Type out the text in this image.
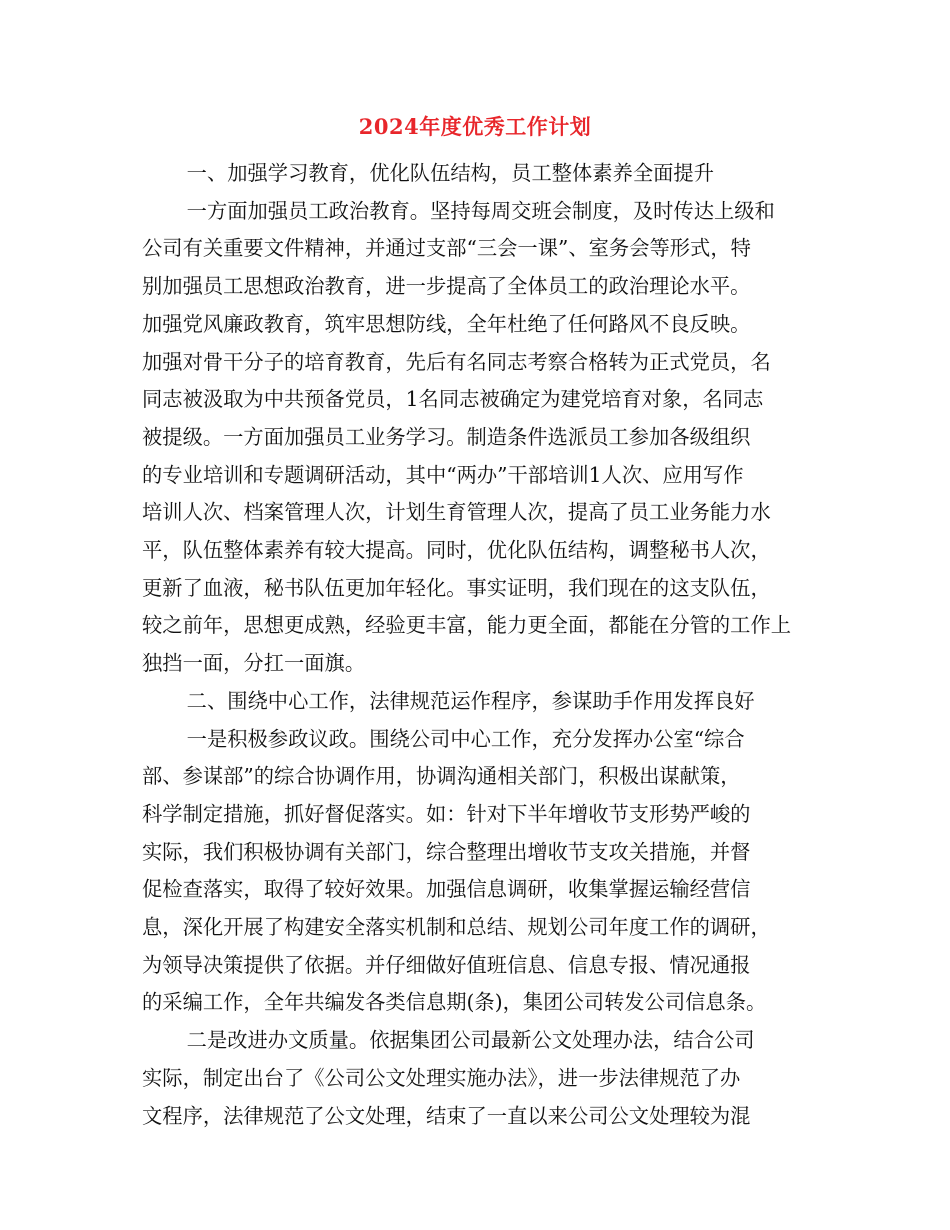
2024年度优秀工作计划

一、加强学习教育，优化队伍结构，员工整体素养全面提升

一方面加强员工政治教育。坚持每周交班会制度，及时传达上级和
公司有关重要文件精神，并通过支部“三会一课”、室务会等形式，特
别加强员工思想政治教育，进一步提高了全体员工的政治理论水平。
加强党风廉政教育，筑牢思想防线，全年杜绝了任何路风不良反映。
加强对骨干分子的培育教育，先后有名同志考察合格转为正式党员，名
同志被汲取为中共预备党员，1名同志被确定为建党培育对象，名同志
被提级。一方面加强员工业务学习。制造条件选派员工参加各级组织
的专业培训和专题调研活动，其中“两办”干部培训1人次、应用写作
培训人次、档案管理人次，计划生育管理人次，提高了员工业务能力水
平，队伍整体素养有较大提高。同时，优化队伍结构，调整秘书人次，
更新了血液，秘书队伍更加年轻化。事实证明，我们现在的这支队伍，
较之前年，思想更成熟，经验更丰富，能力更全面，都能在分管的工作上
独挡一面，分扛一面旗。

二、围绕中心工作，法律规范运作程序，参谋助手作用发挥良好

一是积极参政议政。围绕公司中心工作，充分发挥办公室“综合
部、参谋部”的综合协调作用，协调沟通相关部门，积极出谋献策，
科学制定措施，抓好督促落实。如：针对下半年增收节支形势严峻的
实际，我们积极协调有关部门，综合整理出增收节支攻关措施，并督
促检查落实，取得了较好效果。加强信息调研，收集掌握运输经营信
息，深化开展了构建安全落实机制和总结、规划公司年度工作的调研，
为领导决策提供了依据。并仔细做好值班信息、信息专报、情况通报
的采编工作，全年共编发各类信息期(条)，集团公司转发公司信息条。

二是改进办文质量。依据集团公司最新公文处理办法，结合公司
实际，制定出台了《公司公文处理实施办法》，进一步法律规范了办
文程序，法律规范了公文处理，结束了一直以来公司公文处理较为混
